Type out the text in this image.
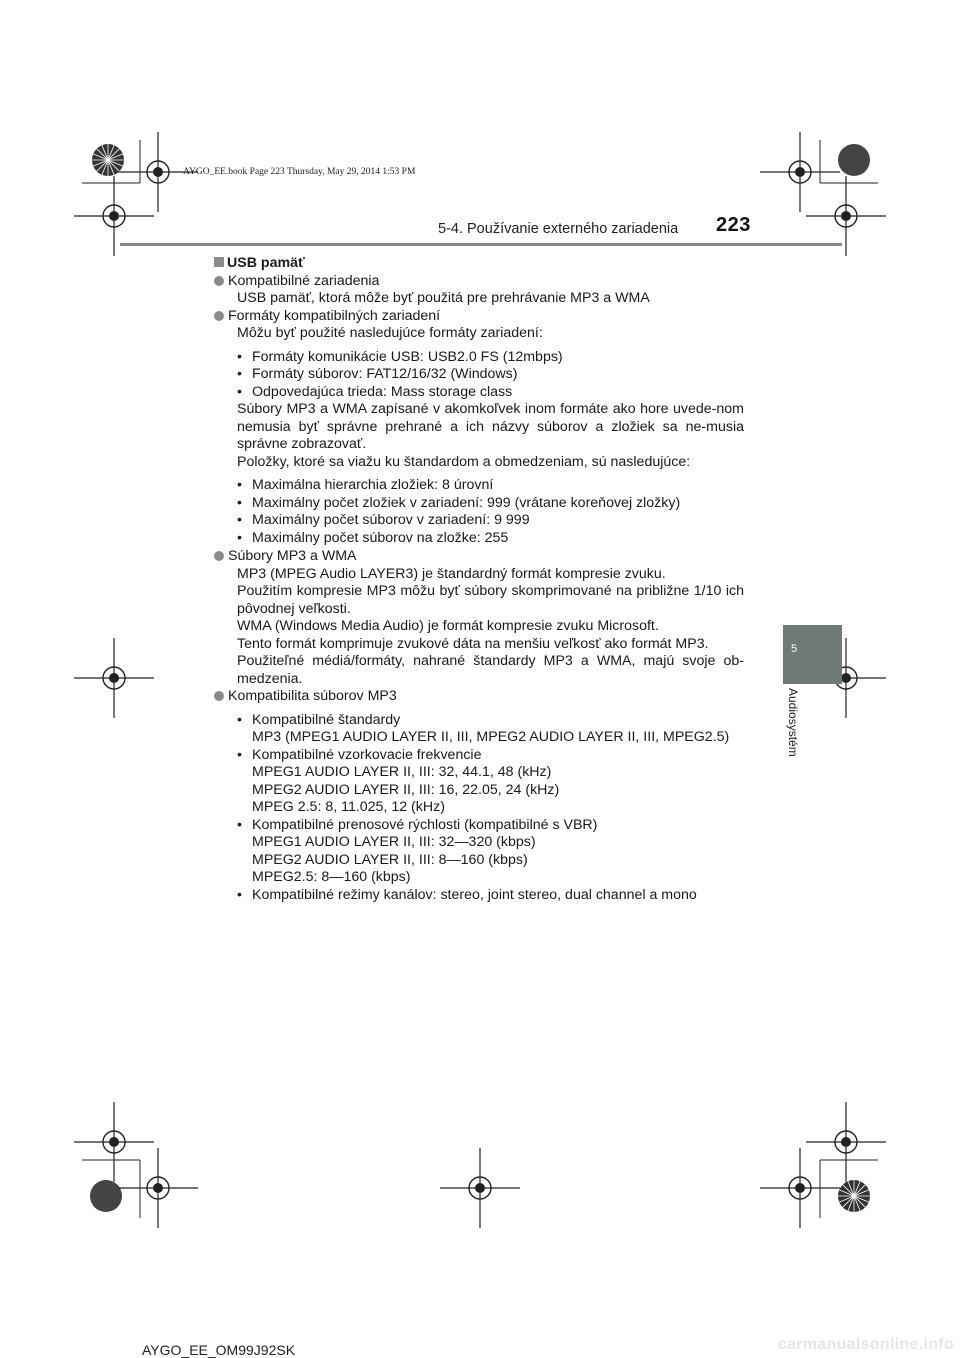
AYGO_EE.book Page 223 Thursday, May 29, 2014 1:53 PM
5-4. Používanie externého zariadenia 223
5
Audiosystém

USB pamäť

Kompatibilné zariadenia

USB pamäť, ktorá môže byť použitá pre prehrávanie MP3 a WMA

Formáty kompatibilných zariadení

Môžu byť použité nasledujúce formáty zariadení:

• Formáty komunikácie USB: USB2.0 FS (12mbps)
• Formáty súborov: FAT12/16/32 (Windows)
• Odpovedajúca trieda: Mass storage class

Súbory MP3 a WMA zapísané v akomkoľvek inom formáte ako hore uvede-nom nemusia byť správne prehrané a ich názvy súborov a zložiek sa ne-musia správne zobrazovať.

Položky, ktoré sa viažu ku štandardom a obmedzeniam, sú nasledujúce:

• Maximálna hierarchia zložiek: 8 úrovní
• Maximálny počet zložiek v zariadení: 999 (vrátane koreňovej zložky)
• Maximálny počet súborov v zariadení: 9 999
• Maximálny počet súborov na zložke: 255

Súbory MP3 a WMA

MP3 (MPEG Audio LAYER3) je štandardný formát kompresie zvuku.

Použitím kompresie MP3 môžu byť súbory skomprimované na približne 1/10 ich pôvodnej veľkosti.

WMA (Windows Media Audio) je formát kompresie zvuku Microsoft.

Tento formát komprimuje zvukové dáta na menšiu veľkosť ako formát MP3.

Použiteľné médiá/formáty, nahrané štandardy MP3 a WMA, majú svoje ob-medzenia.

Kompatibilita súborov MP3

• Kompatibilné štandardy
MP3 (MPEG1 AUDIO LAYER II, III, MPEG2 AUDIO LAYER II, III, MPEG2.5)
• Kompatibilné vzorkovacie frekvencie
MPEG1 AUDIO LAYER II, III: 32, 44.1, 48 (kHz)
MPEG2 AUDIO LAYER II, III: 16, 22.05, 24 (kHz)
MPEG 2.5: 8, 11.025, 12 (kHz)
• Kompatibilné prenosové rýchlosti (kompatibilné s VBR)
MPEG1 AUDIO LAYER II, III: 32—320 (kbps)
MPEG2 AUDIO LAYER II, III: 8—160 (kbps)
MPEG2.5: 8—160 (kbps)
• Kompatibilné režimy kanálov: stereo, joint stereo, dual channel a mono
AYGO_EE_OM99J92SK	carmanualsonline.info
